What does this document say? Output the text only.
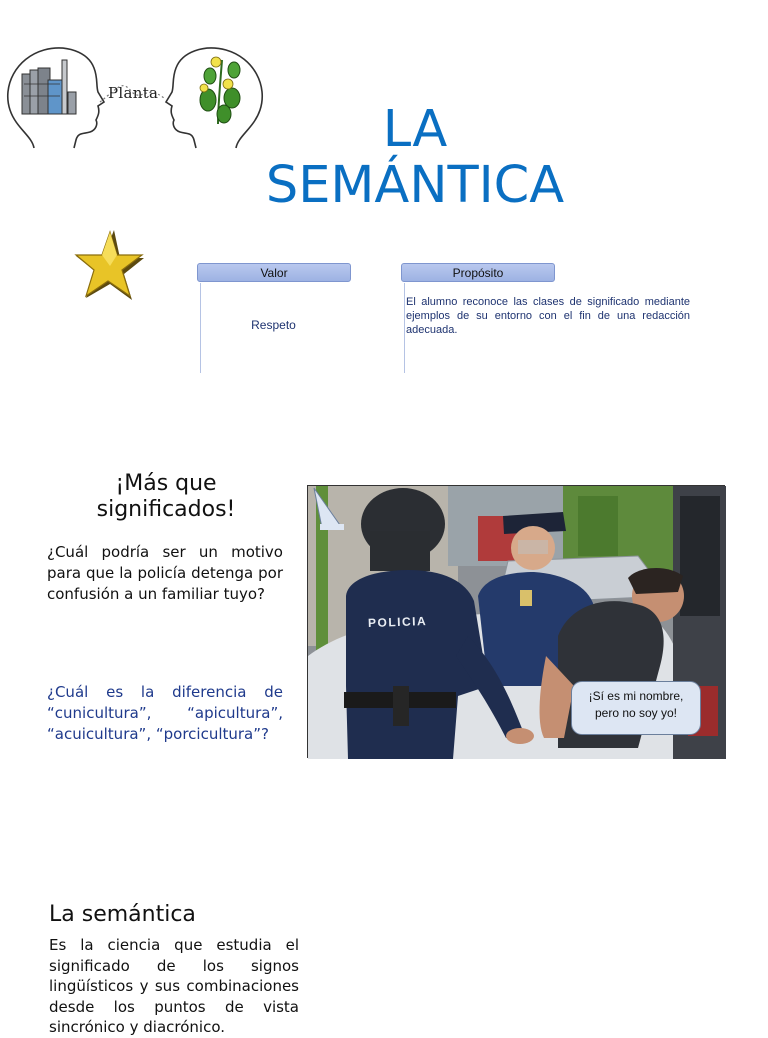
Planta
LA
SEMÁNTICA
Valor
Respeto
Propósito
El alumno reconoce las clases de significado mediante ejemplos de su entorno con el fin de una redacción adecuada.
¡Más que significados!

¿Cuál podría ser un motivo para que la policía detenga por confusión a un familiar tuyo?

¿Cuál es la diferencia de “cunicultura”, “apicultura”, “acuicultura”, “porcicultura”?

POLICIA
¡Sí es mi nombre,
pero no soy yo!
La semántica

Es la ciencia que estudia el significado de los signos lingüísticos y sus combinaciones desde los puntos de vista sincrónico y diacrónico.
